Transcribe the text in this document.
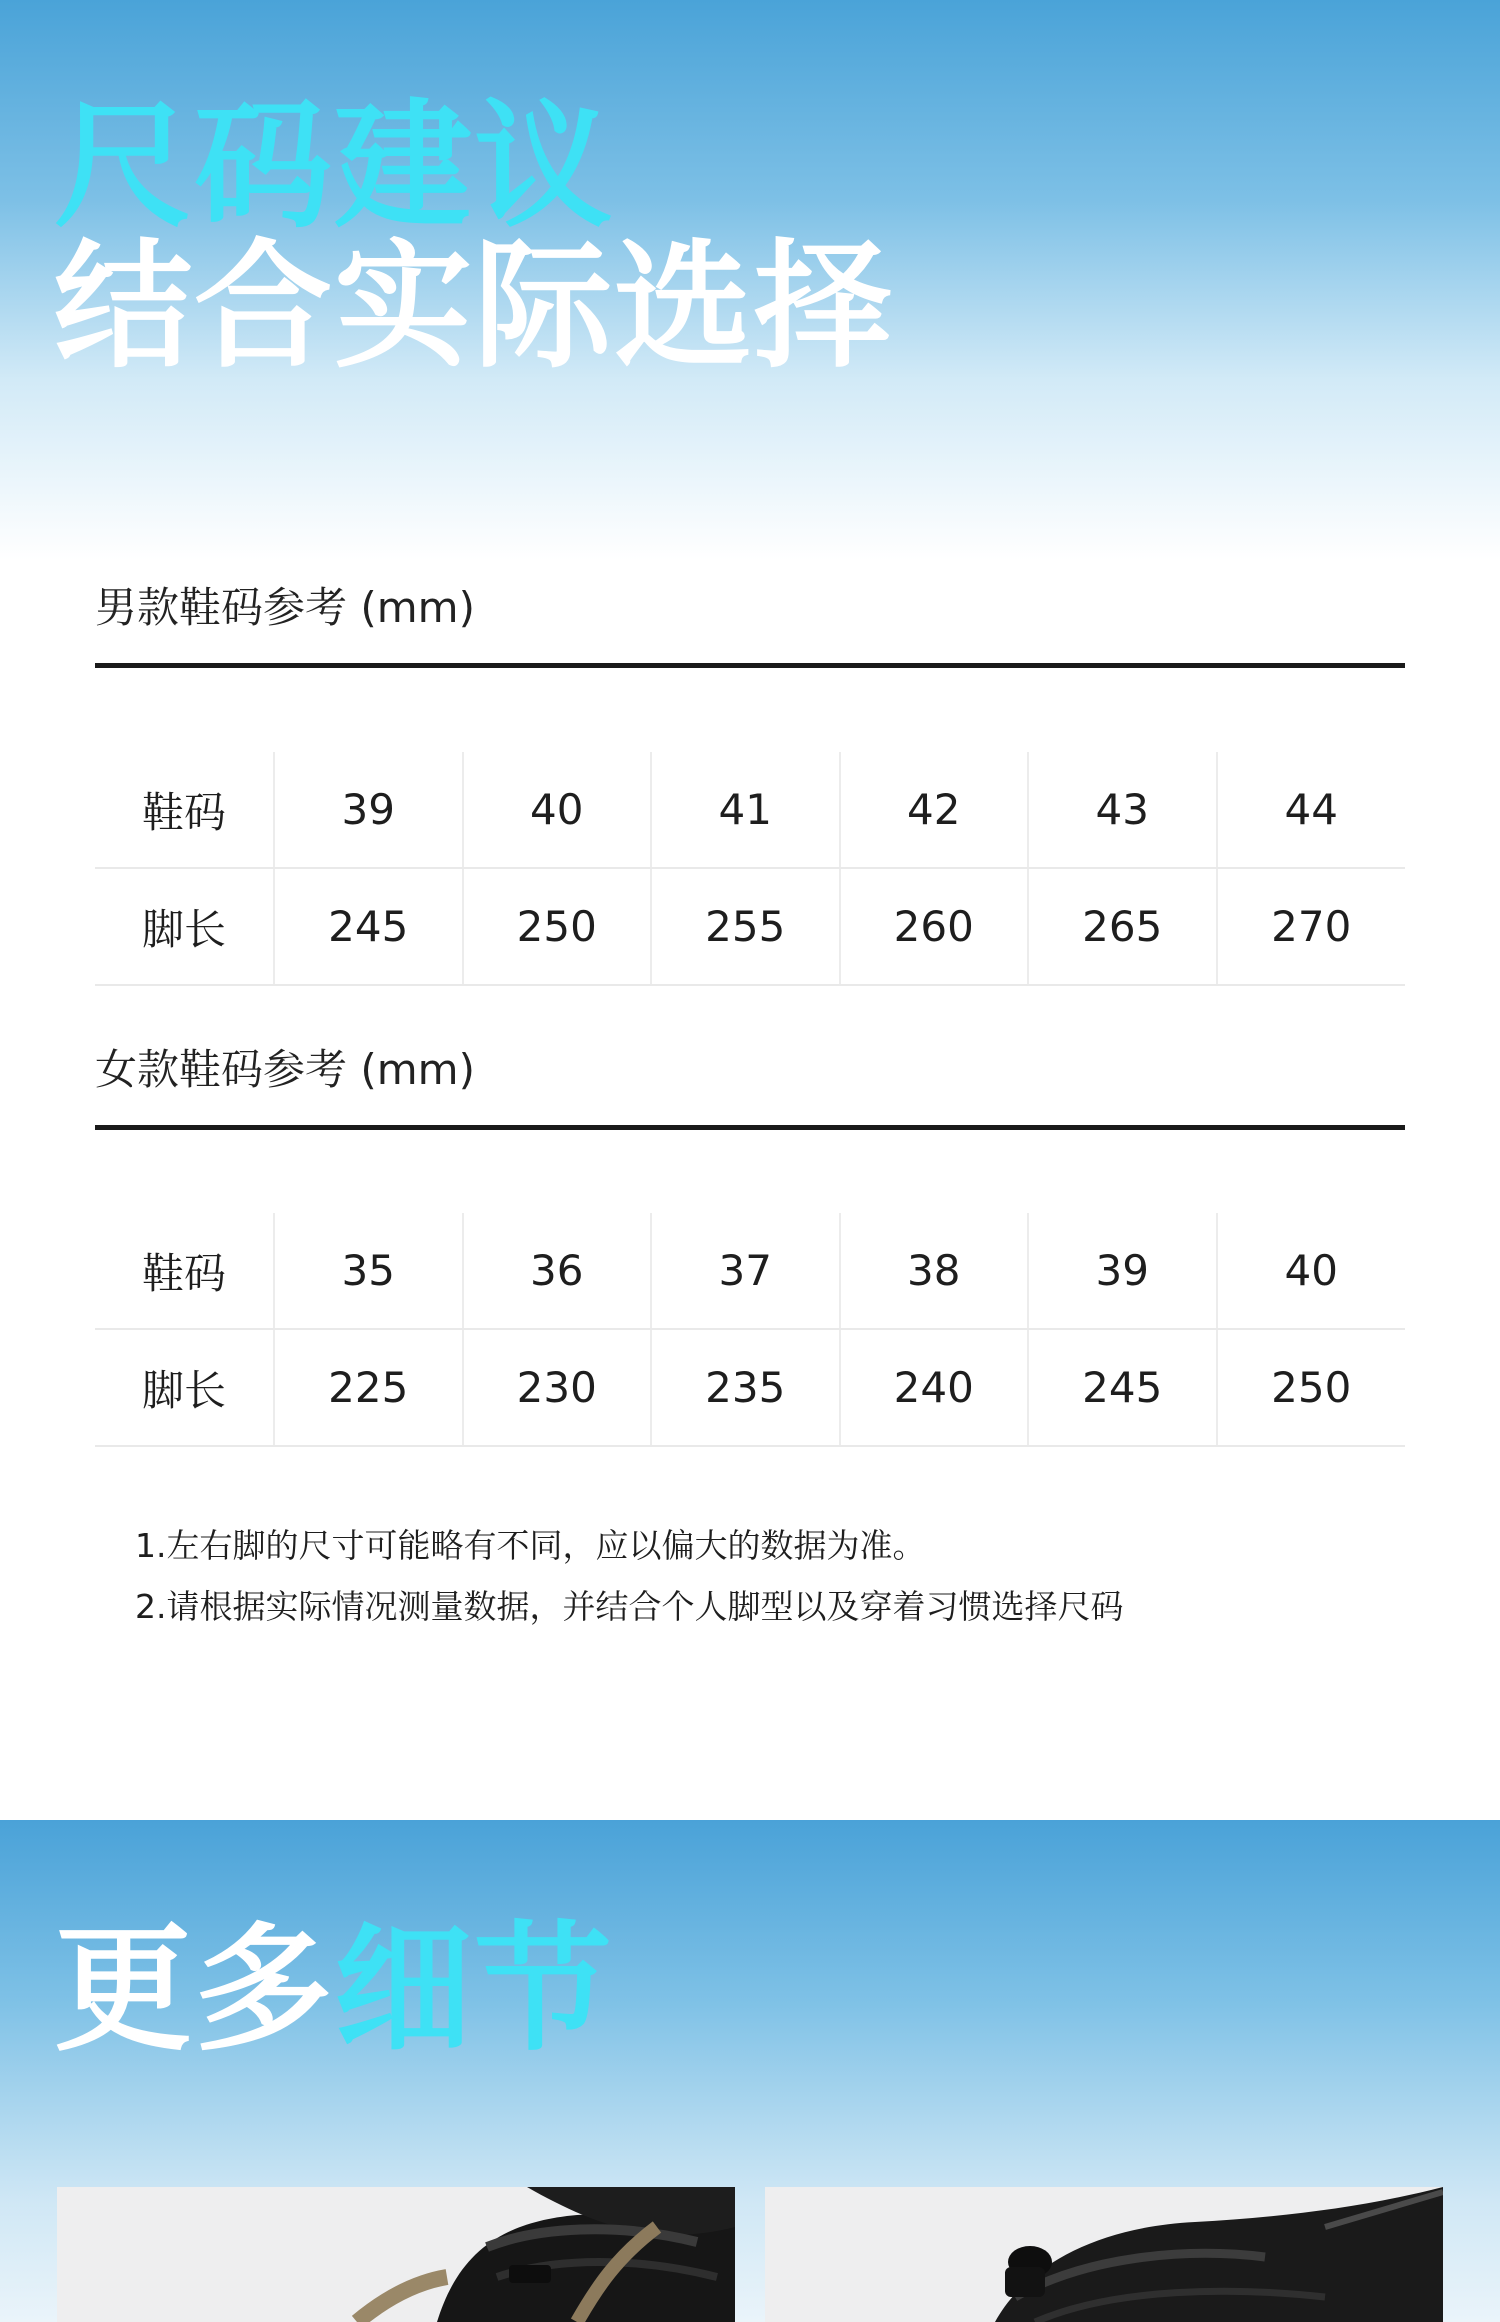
尺码建议
结合实际选择
男款鞋码参考 (mm)
鞋码	39	40	41	42	43	44
脚长	245	250	255	260	265	270
女款鞋码参考 (mm)
鞋码	35	36	37	38	39	40
脚长	225	230	235	240	245	250

1.左右脚的尺寸可能略有不同，应以偏大的数据为准。

2.请根据实际情况测量数据，并结合个人脚型以及穿着习惯选择尺码

更多细节
